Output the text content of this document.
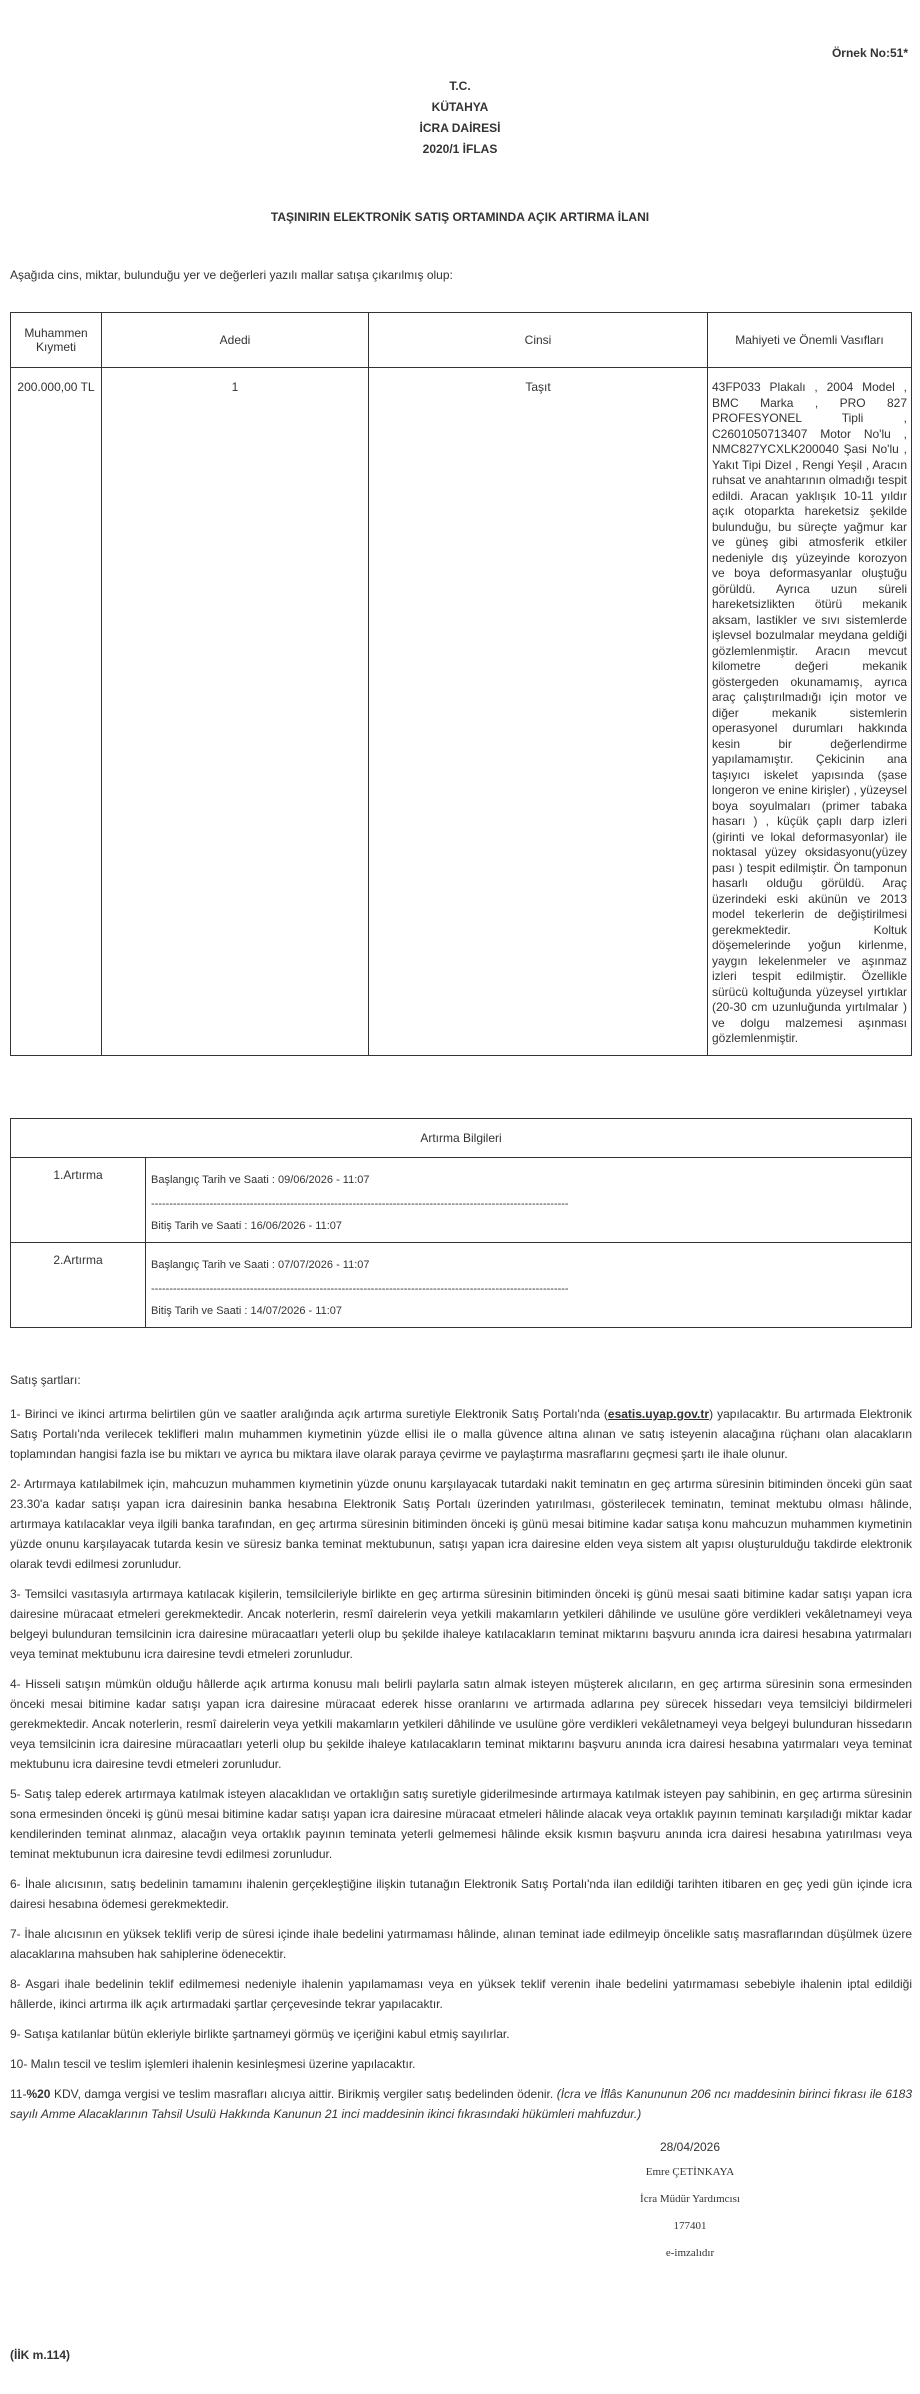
Örnek No:51*
T.C.
KÜTAHYA
İCRA DAİRESİ
2020/1 İFLAS
TAŞINIRIN ELEKTRONİK SATIŞ ORTAMINDA AÇIK ARTIRMA İLANI
Aşağıda cins, miktar, bulunduğu yer ve değerleri yazılı mallar satışa çıkarılmış olup:
Muhammen Kıymeti	Adedi	Cinsi	Mahiyeti ve Önemli Vasıfları
200.000,00 TL	1	Taşıt	43FP033 Plakalı , 2004 Model , BMC Marka , PRO 827 PROFESYONEL Tipli , C2601050713407 Motor No'lu , NMC827YCXLK200040 Şasi No'lu , Yakıt Tipi Dizel , Rengi Yeşil , Aracın ruhsat ve anahtarının olmadığı tespit edildi. Aracan yaklışık 10-11 yıldır açık otoparkta hareketsiz şekilde bulunduğu, bu süreçte yağmur kar ve güneş gibi atmosferik etkiler nedeniyle dış yüzeyinde korozyon ve boya deformasyanlar oluştuğu görüldü. Ayrıca uzun süreli hareketsizlikten ötürü mekanik aksam, lastikler ve sıvı sistemlerde işlevsel bozulmalar meydana geldiği gözlemlenmiştir. Aracın mevcut kilometre değeri mekanik göstergeden okunamamış, ayrıca araç çalıştırılmadığı için motor ve diğer mekanik sistemlerin operasyonel durumları hakkında kesin bir değerlendirme yapılamamıştır. Çekicinin ana taşıyıcı iskelet yapısında (şase longeron ve enine kirişler) , yüzeysel boya soyulmaları (primer tabaka hasarı ) , küçük çaplı darp izleri (girinti ve lokal deformasyonlar) ile noktasal yüzey oksidasyonu(yüzey pası ) tespit edilmiştir. Ön tamponun hasarlı olduğu görüldü. Araç üzerindeki eski akünün ve 2013 model tekerlerin de değiştirilmesi gerekmektedir. Koltuk döşemelerinde yoğun kirlenme, yaygın lekelenmeler ve aşınmaz izleri tespit edilmiştir. Özellikle sürücü koltuğunda yüzeysel yırtıklar (20-30 cm uzunluğunda yırtılmalar ) ve dolgu malzemesi aşınması gözlemlenmiştir.
Artırma Bilgileri	
1.Artırma	Başlangıç Tarih ve Saati : 09/06/2026 - 11:07
------------------------------------------------------------------------------------------------------------------
Bitiş Tarih ve Saati : 16/06/2026 - 11:07

2.Artırma	Başlangıç Tarih ve Saati : 07/07/2026 - 11:07
------------------------------------------------------------------------------------------------------------------
Bitiş Tarih ve Saati : 14/07/2026 - 11:07

Satış şartları:

1- Birinci ve ikinci artırma belirtilen gün ve saatler aralığında açık artırma suretiyle Elektronik Satış Portalı'nda (esatis.uyap.gov.tr) yapılacaktır. Bu artırmada Elektronik Satış Portalı'nda verilecek teklifleri malın muhammen kıymetinin yüzde ellisi ile o malla güvence altına alınan ve satış isteyenin alacağına rüçhanı olan alacakların toplamından hangisi fazla ise bu miktarı ve ayrıca bu miktara ilave olarak paraya çevirme ve paylaştırma masraflarını geçmesi şartı ile ihale olunur.

2- Artırmaya katılabilmek için, mahcuzun muhammen kıymetinin yüzde onunu karşılayacak tutardaki nakit teminatın en geç artırma süresinin bitiminden önceki gün saat 23.30'a kadar satışı yapan icra dairesinin banka hesabına Elektronik Satış Portalı üzerinden yatırılması, gösterilecek teminatın, teminat mektubu olması hâlinde, artırmaya katılacaklar veya ilgili banka tarafından, en geç artırma süresinin bitiminden önceki iş günü mesai bitimine kadar satışa konu mahcuzun muhammen kıymetinin yüzde onunu karşılayacak tutarda kesin ve süresiz banka teminat mektubunun, satışı yapan icra dairesine elden veya sistem alt yapısı oluşturulduğu takdirde elektronik olarak tevdi edilmesi zorunludur.

3- Temsilci vasıtasıyla artırmaya katılacak kişilerin, temsilcileriyle birlikte en geç artırma süresinin bitiminden önceki iş günü mesai saati bitimine kadar satışı yapan icra dairesine müracaat etmeleri gerekmektedir. Ancak noterlerin, resmî dairelerin veya yetkili makamların yetkileri dâhilinde ve usulüne göre verdikleri vekâletnameyi veya belgeyi bulunduran temsilcinin icra dairesine müracaatları yeterli olup bu şekilde ihaleye katılacakların teminat miktarını başvuru anında icra dairesi hesabına yatırmaları veya teminat mektubunu icra dairesine tevdi etmeleri zorunludur.

4- Hisseli satışın mümkün olduğu hâllerde açık artırma konusu malı belirli paylarla satın almak isteyen müşterek alıcıların, en geç artırma süresinin sona ermesinden önceki mesai bitimine kadar satışı yapan icra dairesine müracaat ederek hisse oranlarını ve artırmada adlarına pey sürecek hissedarı veya temsilciyi bildirmeleri gerekmektedir. Ancak noterlerin, resmî dairelerin veya yetkili makamların yetkileri dâhilinde ve usulüne göre verdikleri vekâletnameyi veya belgeyi bulunduran hissedarın veya temsilcinin icra dairesine müracaatları yeterli olup bu şekilde ihaleye katılacakların teminat miktarını başvuru anında icra dairesi hesabına yatırmaları veya teminat mektubunu icra dairesine tevdi etmeleri zorunludur.

5- Satış talep ederek artırmaya katılmak isteyen alacaklıdan ve ortaklığın satış suretiyle giderilmesinde artırmaya katılmak isteyen pay sahibinin, en geç artırma süresinin sona ermesinden önceki iş günü mesai bitimine kadar satışı yapan icra dairesine müracaat etmeleri hâlinde alacak veya ortaklık payının teminatı karşıladığı miktar kadar kendilerinden teminat alınmaz, alacağın veya ortaklık payının teminata yeterli gelmemesi hâlinde eksik kısmın başvuru anında icra dairesi hesabına yatırılması veya teminat mektubunun icra dairesine tevdi edilmesi zorunludur.

6- İhale alıcısının, satış bedelinin tamamını ihalenin gerçekleştiğine ilişkin tutanağın Elektronik Satış Portalı'nda ilan edildiği tarihten itibaren en geç yedi gün içinde icra dairesi hesabına ödemesi gerekmektedir.

7- İhale alıcısının en yüksek teklifi verip de süresi içinde ihale bedelini yatırmaması hâlinde, alınan teminat iade edilmeyip öncelikle satış masraflarından düşülmek üzere alacaklarına mahsuben hak sahiplerine ödenecektir.

8- Asgari ihale bedelinin teklif edilmemesi nedeniyle ihalenin yapılamaması veya en yüksek teklif verenin ihale bedelini yatırmaması sebebiyle ihalenin iptal edildiği hâllerde, ikinci artırma ilk açık artırmadaki şartlar çerçevesinde tekrar yapılacaktır.

9- Satışa katılanlar bütün ekleriyle birlikte şartnameyi görmüş ve içeriğini kabul etmiş sayılırlar.

10- Malın tescil ve teslim işlemleri ihalenin kesinleşmesi üzerine yapılacaktır.

11-%20 KDV, damga vergisi ve teslim masrafları alıcıya aittir. Birikmiş vergiler satış bedelinden ödenir. (İcra ve İflâs Kanununun 206 ncı maddesinin birinci fıkrası ile 6183 sayılı Amme Alacaklarının Tahsil Usulü Hakkında Kanunun 21 inci maddesinin ikinci fıkrasındaki hükümleri mahfuzdur.)

28/04/2026
Emre ÇETİNKAYA
İcra Müdür Yardımcısı
177401
e-imzalıdır
(İİK m.114)
